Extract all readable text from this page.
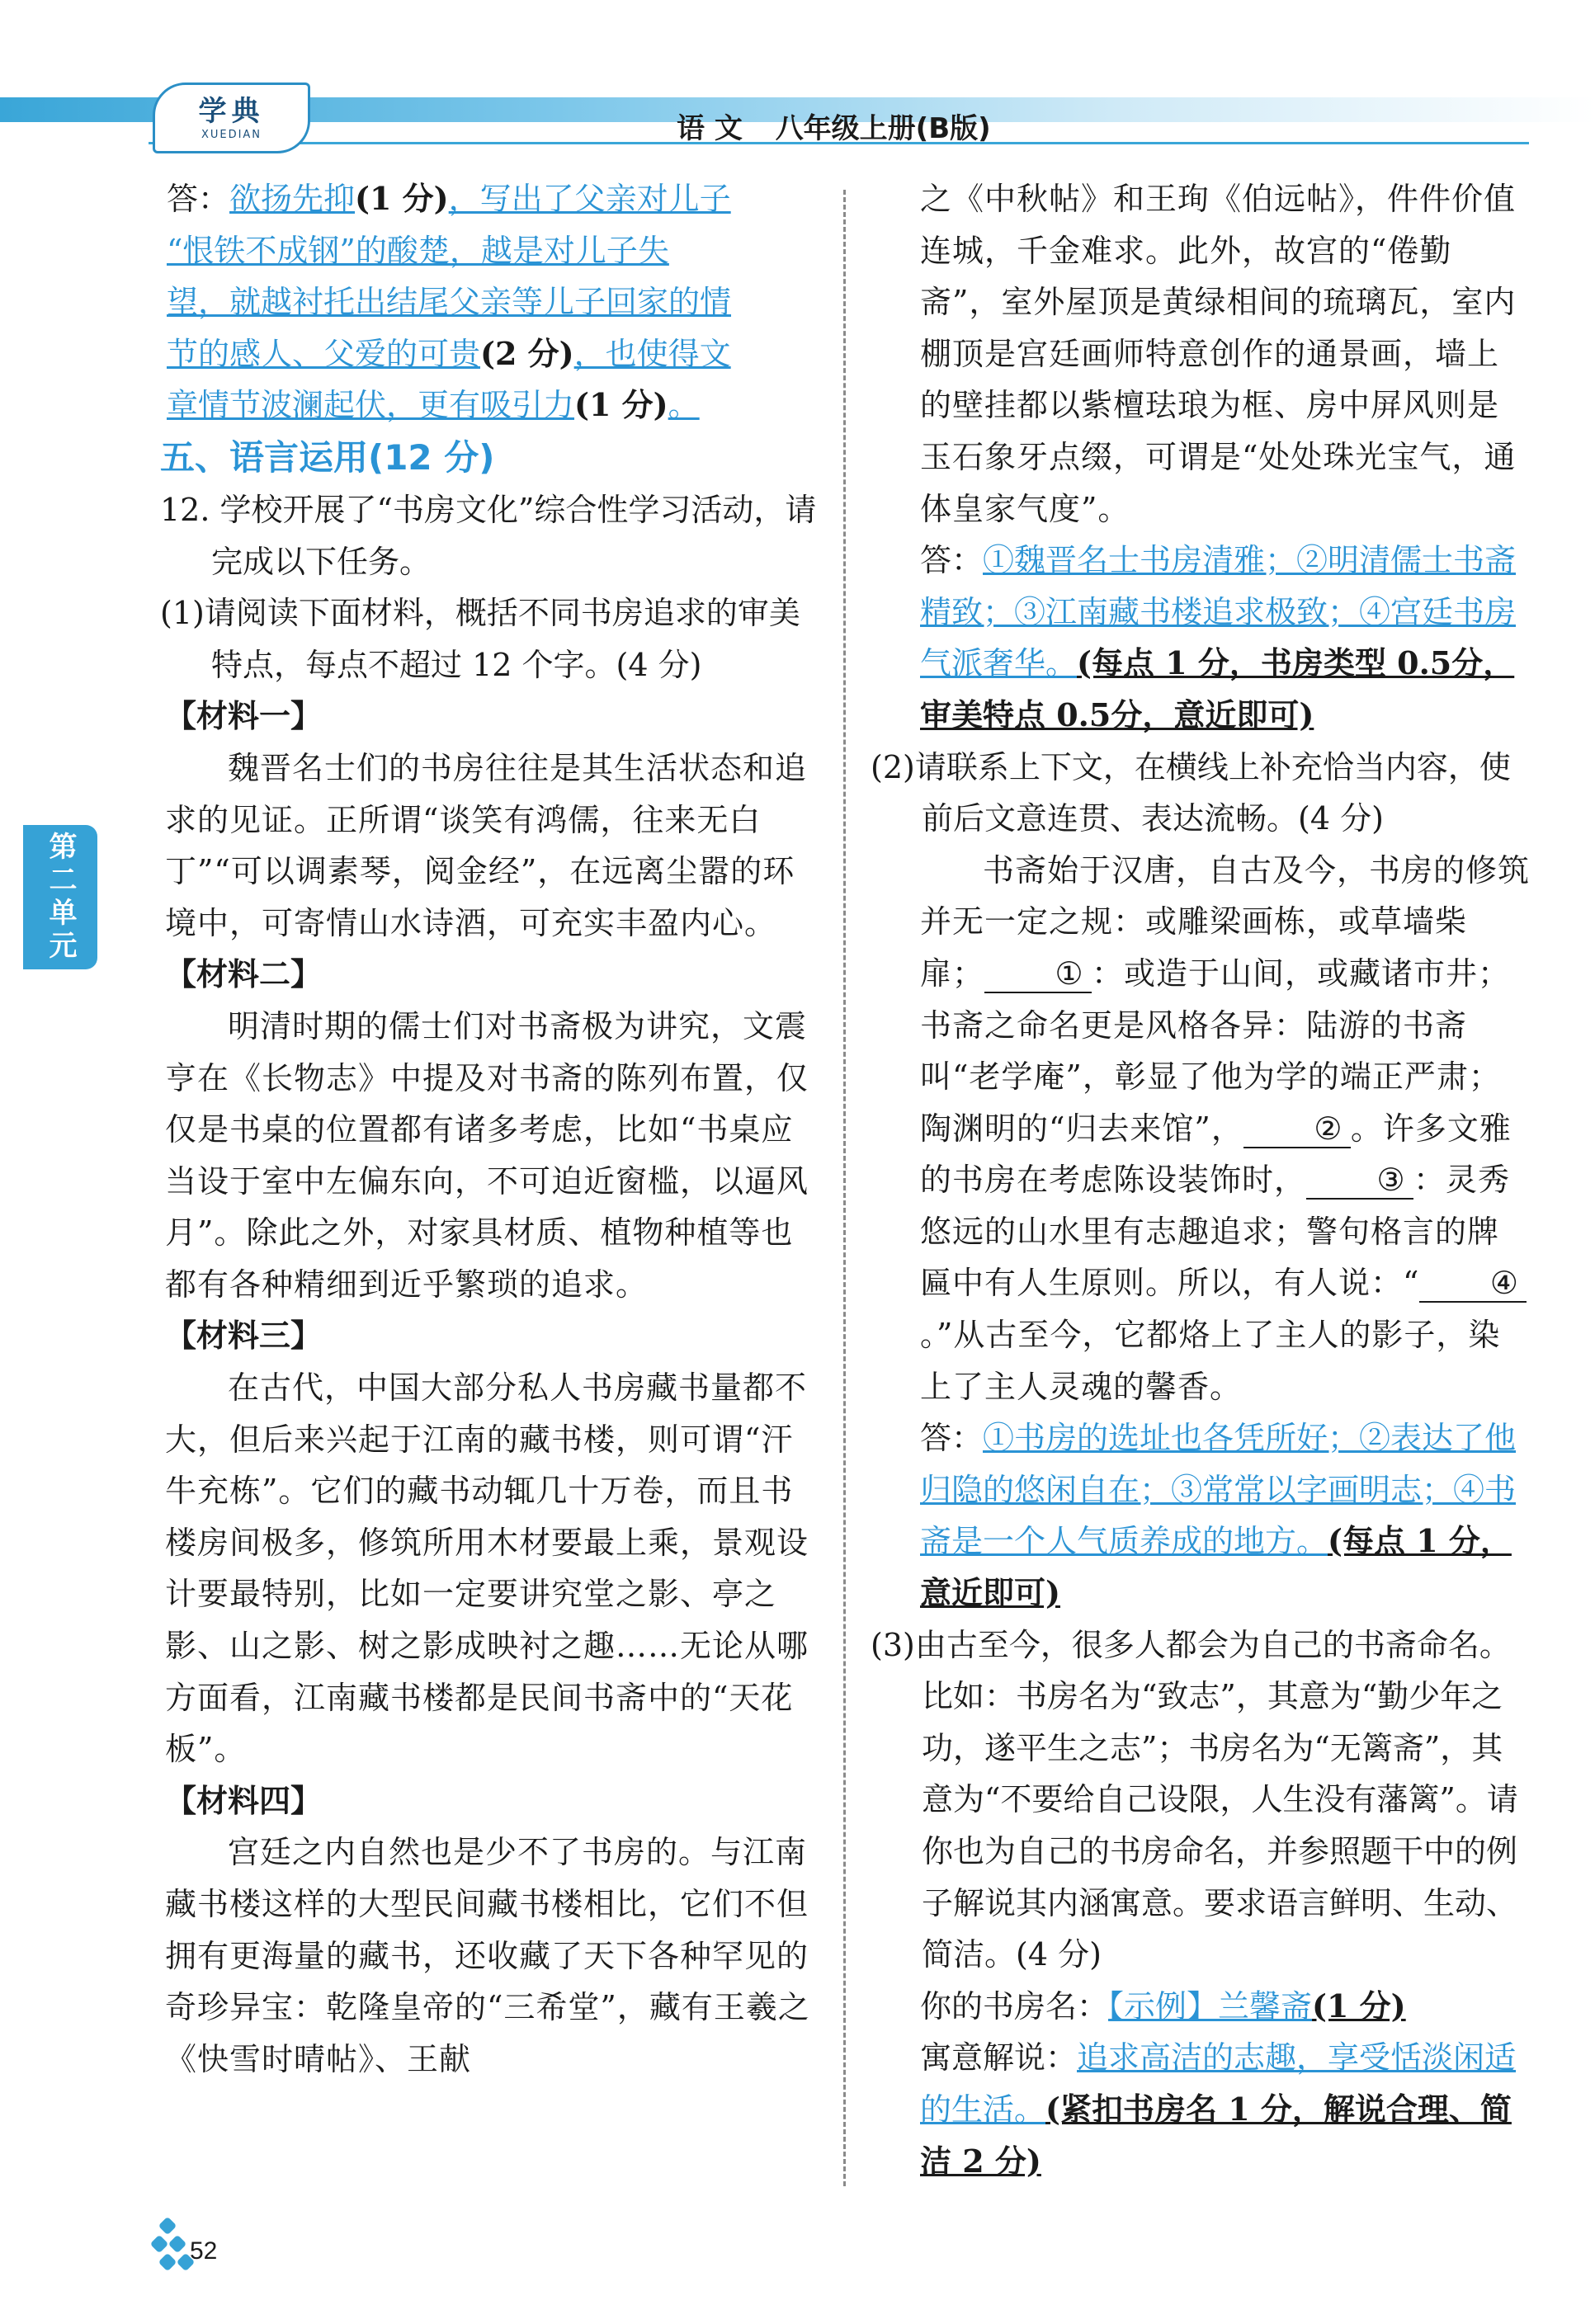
学典
XUEDIAN	语 文 八年级上册(B版)
第二单元
答：欲扬先抑(1 分)，写出了父亲对儿子
“恨铁不成钢”的酸楚，越是对儿子失
望，就越衬托出结尾父亲等儿子回家的情
节的感人、父爱的可贵(2 分)，也使得文
章情节波澜起伏，更有吸引力(1 分)。
五、语言运用(12 分)

12. 学校开展了“书房文化”综合性学习活动，请完成以下任务。

(1)请阅读下面材料，概括不同书房追求的审美特点，每点不超过 12 个字。(4 分)

【材料一】

魏晋名士们的书房往往是其生活状态和追求的见证。正所谓“谈笑有鸿儒，往来无白丁”“可以调素琴，阅金经”，在远离尘嚣的环境中，可寄情山水诗酒，可充实丰盈内心。

【材料二】

明清时期的儒士们对书斋极为讲究，文震亨在《长物志》中提及对书斋的陈列布置，仅仅是书桌的位置都有诸多考虑，比如“书桌应当设于室中左偏东向，不可迫近窗槛，以逼风月”。除此之外，对家具材质、植物种植等也都有各种精细到近乎繁琐的追求。

【材料三】

在古代，中国大部分私人书房藏书量都不大，但后来兴起于江南的藏书楼，则可谓“汗牛充栋”。它们的藏书动辄几十万卷，而且书楼房间极多，修筑所用木材要最上乘，景观设计要最特别，比如一定要讲究堂之影、亭之影、山之影、树之影成映衬之趣……无论从哪方面看，江南藏书楼都是民间书斋中的“天花板”。

【材料四】

宫廷之内自然也是少不了书房的。与江南藏书楼这样的大型民间藏书楼相比，它们不但拥有更海量的藏书，还收藏了天下各种罕见的奇珍异宝：乾隆皇帝的“三希堂”，藏有王羲之《快雪时晴帖》、王献

之《中秋帖》和王珣《伯远帖》，件件价值连城，千金难求。此外，故宫的“倦勤斋”，室外屋顶是黄绿相间的琉璃瓦，室内棚顶是宫廷画师特意创作的通景画，墙上的壁挂都以紫檀珐琅为框、房中屏风则是玉石象牙点缀，可谓是“处处珠光宝气，通体皇家气度”。

答：①魏晋名士书房清雅；②明清儒士书斋精致；③江南藏书楼追求极致；④宫廷书房气派奢华。(每点 1 分，书房类型 0.5分，审美特点 0.5分，意近即可)

(2)请联系上下文，在横线上补充恰当内容，使前后文意连贯、表达流畅。(4 分)

书斋始于汉唐，自古及今，书房的修筑并无一定之规：或雕梁画栋，或草墙柴扉； ① ：或造于山间，或藏诸市井；书斋之命名更是风格各异：陆游的书斋叫“老学庵”，彰显了他为学的端正严肃；陶渊明的“归去来馆”， ② 。许多文雅的书房在考虑陈设装饰时， ③ ：灵秀悠远的山水里有志趣追求；警句格言的牌匾中有人生原则。所以，有人说：“ ④。”从古至今，它都烙上了主人的影子，染上了主人灵魂的馨香。

答：①书房的选址也各凭所好；②表达了他归隐的悠闲自在；③常常以字画明志；④书斋是一个人气质养成的地方。(每点 1 分，意近即可)

(3)由古至今，很多人都会为自己的书斋命名。比如：书房名为“致志”，其意为“勤少年之功，遂平生之志”；书房名为“无篱斋”，其意为“不要给自己设限，人生没有藩篱”。请你也为自己的书房命名，并参照题干中的例子解说其内涵寓意。要求语言鲜明、生动、简洁。(4 分)

你的书房名：【示例】兰馨斋(1 分)

寓意解说：追求高洁的志趣，享受恬淡闲适的生活。(紧扣书房名 1 分，解说合理、简洁 2 分)

52
